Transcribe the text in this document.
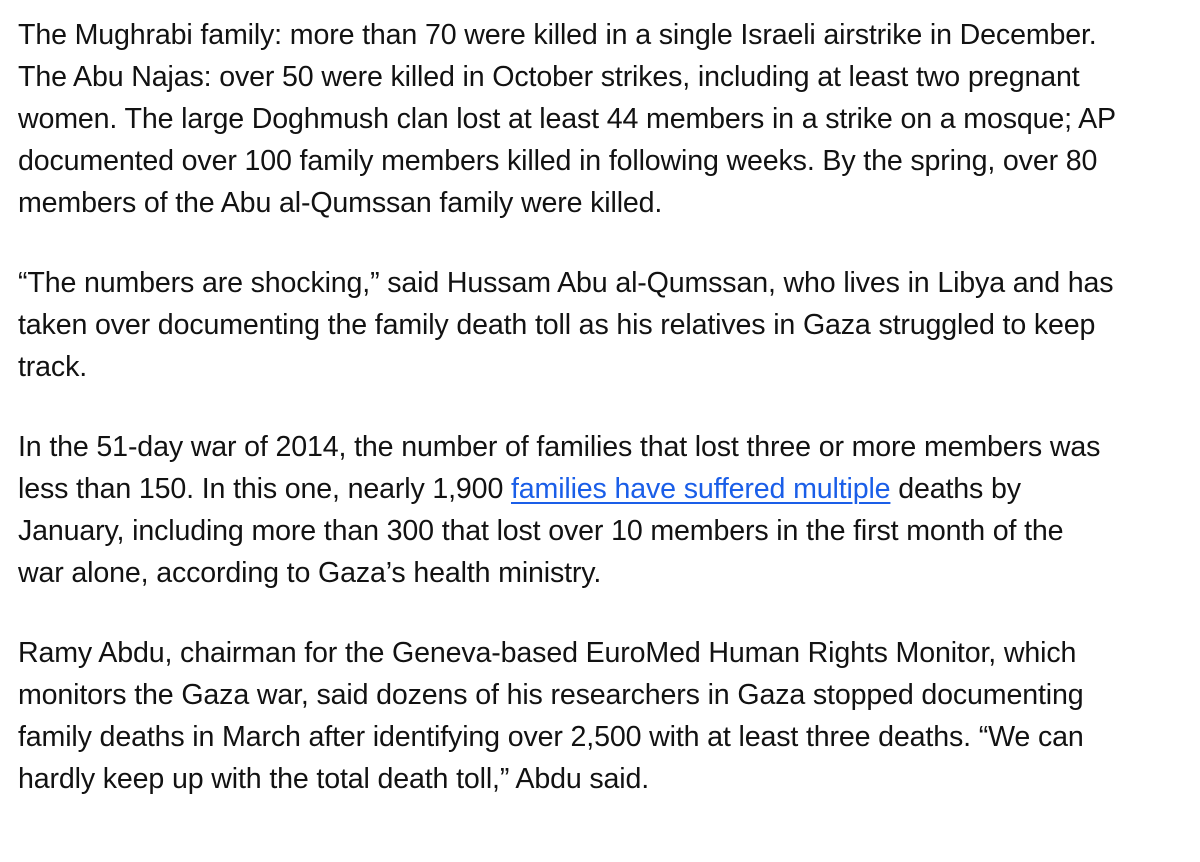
The Mughrabi family: more than 70 were killed in a single Israeli airstrike in December.
The Abu Najas: over 50 were killed in October strikes, including at least two pregnant
women. The large Doghmush clan lost at least 44 members in a strike on a mosque; AP
documented over 100 family members killed in following weeks. By the spring, over 80
members of the Abu al-Qumssan family were killed.

“The numbers are shocking,” said Hussam Abu al-Qumssan, who lives in Libya and has
taken over documenting the family death toll as his relatives in Gaza struggled to keep
track.

In the 51-day war of 2014, the number of families that lost three or more members was
less than 150. In this one, nearly 1,900 families have suffered multiple deaths by
January, including more than 300 that lost over 10 members in the first month of the
war alone, according to Gaza’s health ministry.

Ramy Abdu, chairman for the Geneva-based EuroMed Human Rights Monitor, which
monitors the Gaza war, said dozens of his researchers in Gaza stopped documenting
family deaths in March after identifying over 2,500 with at least three deaths. “We can
hardly keep up with the total death toll,” Abdu said.
